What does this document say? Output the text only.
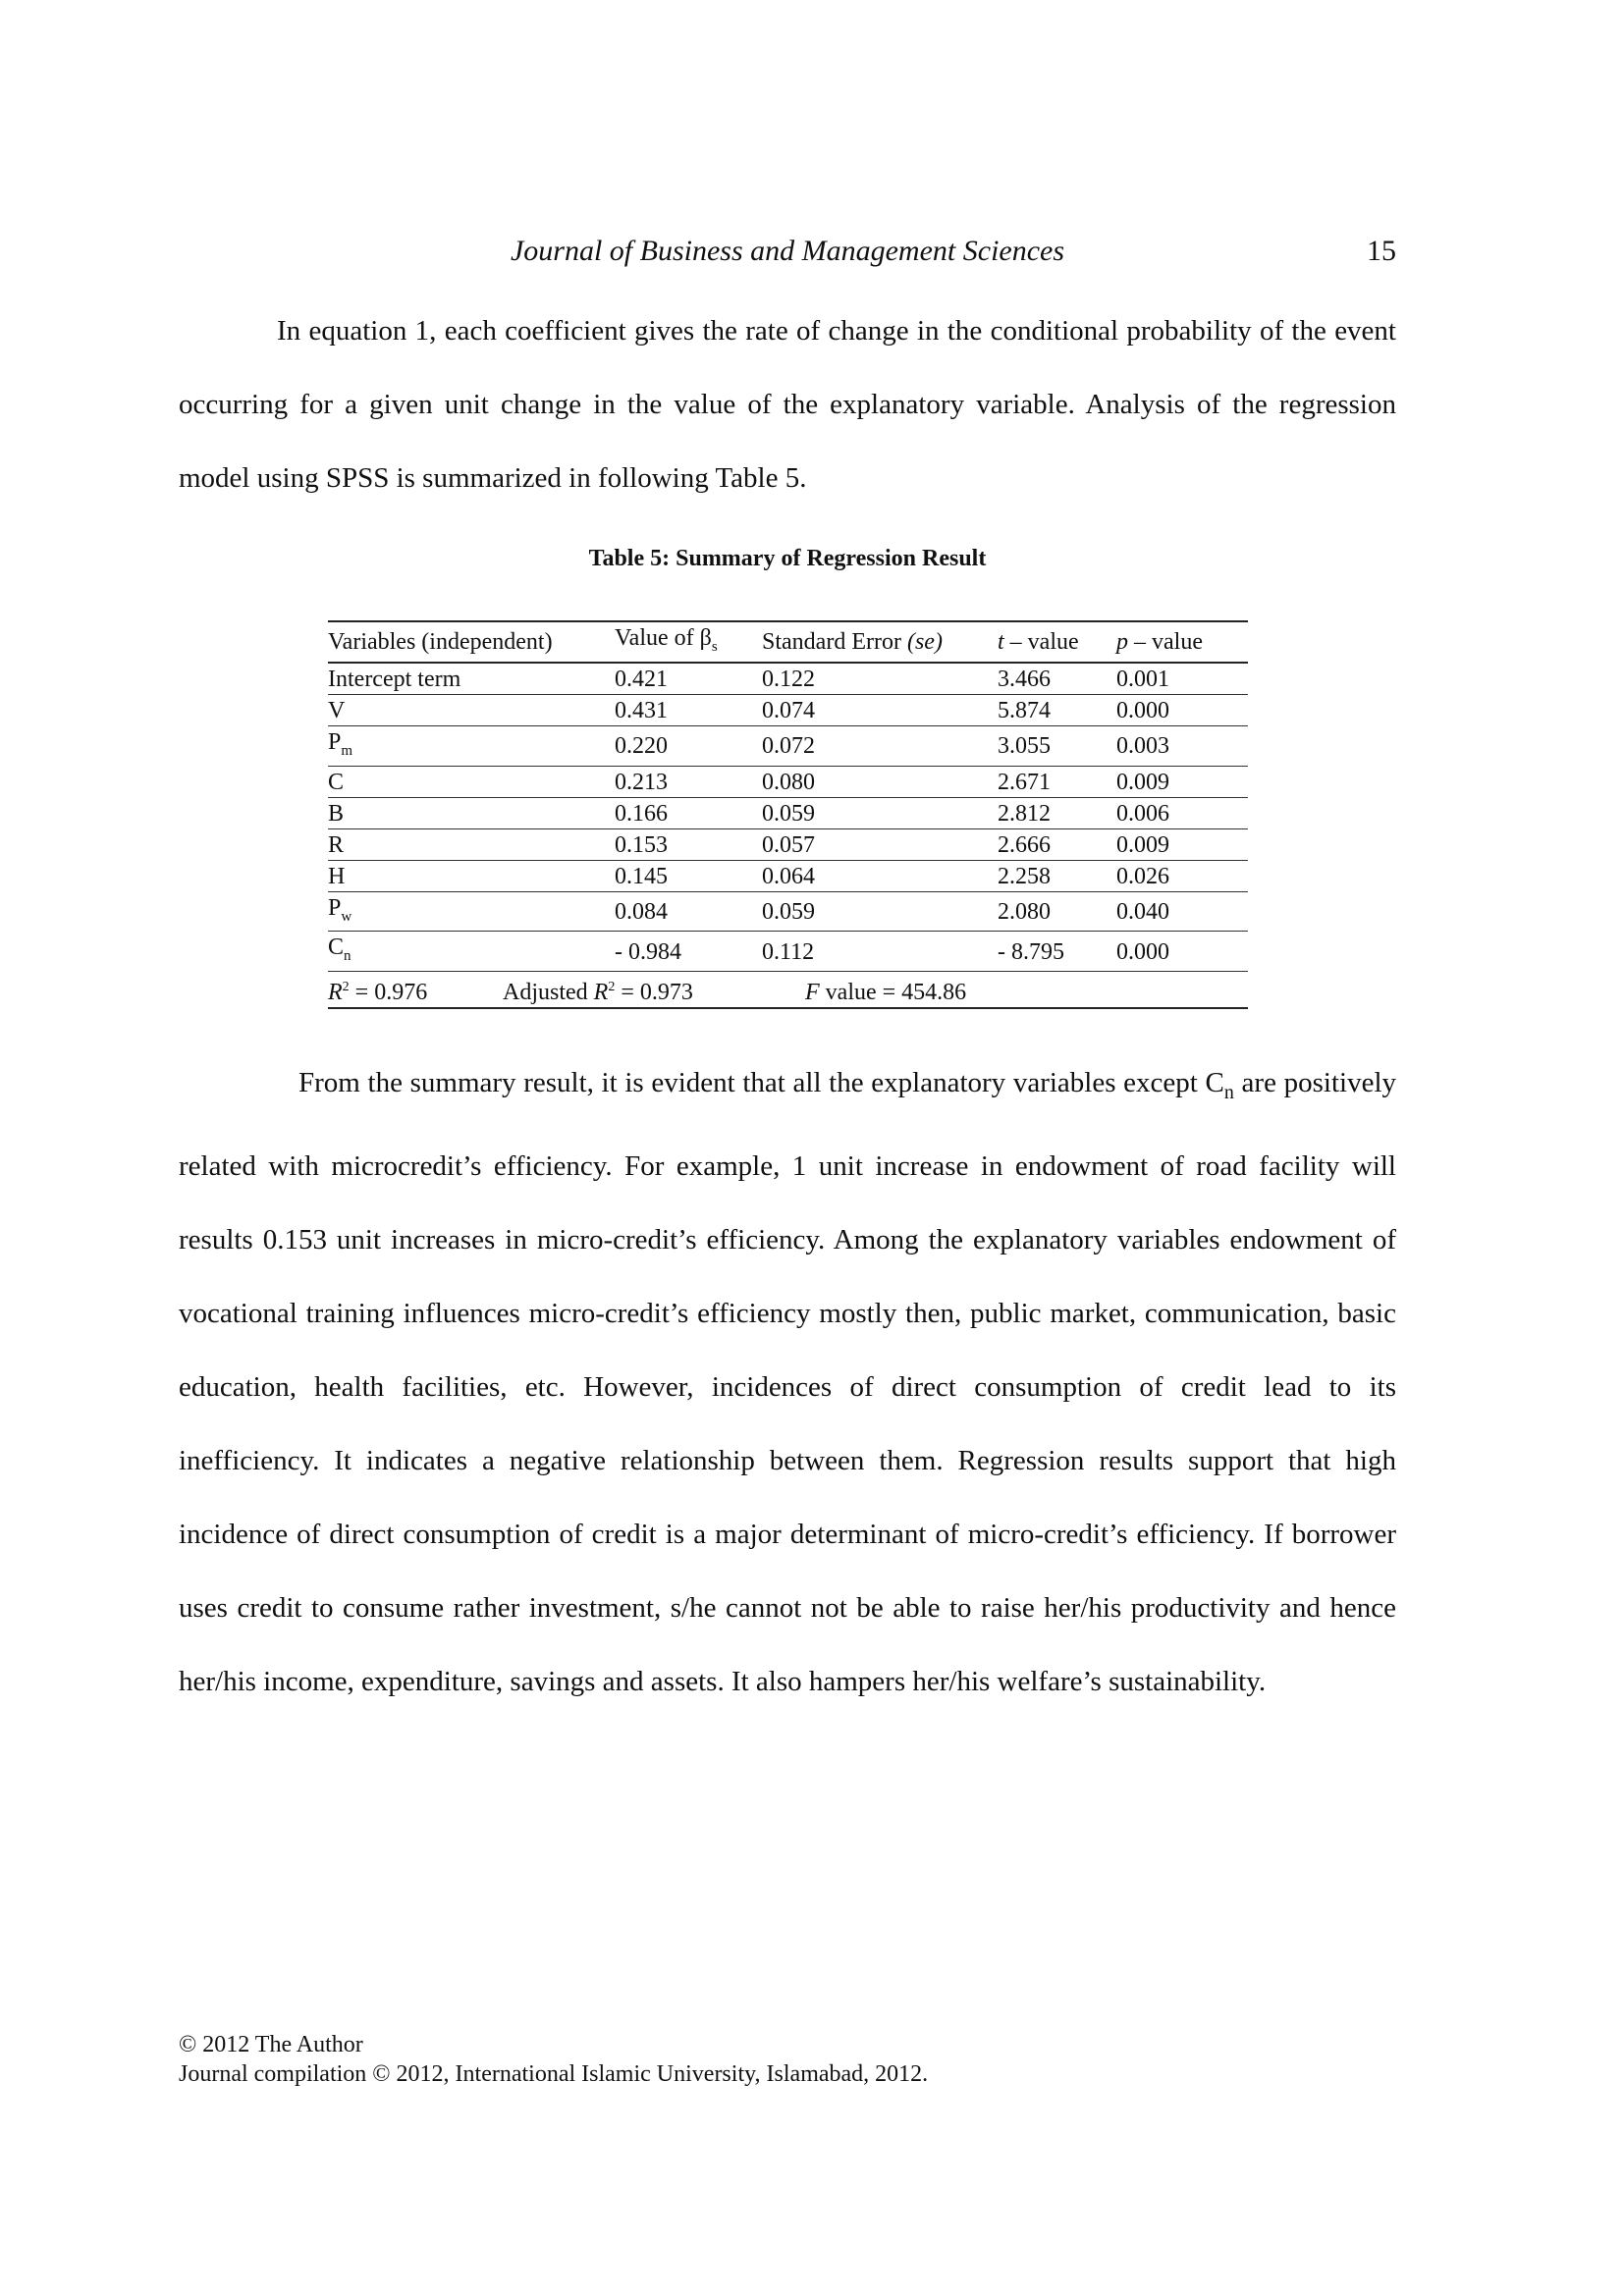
Journal of Business and Management Sciences	15

In equation 1, each coefficient gives the rate of change in the conditional probability of the event occurring for a given unit change in the value of the explanatory variable. Analysis of the regression model using SPSS is summarized in following Table 5.

Table 5: Summary of Regression Result
Variables (independent)	Value of $\beta_s$	Standard Error (se)	t – value	p – value
Intercept term	0.421	0.122	3.466	0.001
V	0.431	0.074	5.874	0.000
$P_m$	0.220	0.072	3.055	0.003
C	0.213	0.080	2.671	0.009
B	0.166	0.059	2.812	0.006
R	0.153	0.057	2.666	0.009
H	0.145	0.064	2.258	0.026
$P_w$	0.084	0.059	2.080	0.040
$C_n$	- 0.984	0.112	- 8.795	0.000
$R^2 = 0.976$ Adjusted $R^2 = 0.973$ F value = 454.86				

From the summary result, it is evident that all the explanatory variables except $C_n$ are positively related with microcredit’s efficiency. For example, 1 unit increase in endowment of road facility will results 0.153 unit increases in micro-credit’s efficiency. Among the explanatory variables endowment of vocational training influences micro-credit’s efficiency mostly then, public market, communication, basic education, health facilities, etc. However, incidences of direct consumption of credit lead to its inefficiency. It indicates a negative relationship between them. Regression results support that high incidence of direct consumption of credit is a major determinant of micro-credit’s efficiency. If borrower uses credit to consume rather investment, s/he cannot not be able to raise her/his productivity and hence her/his income, expenditure, savings and assets. It also hampers her/his welfare’s sustainability.

© 2012 The Author
Journal compilation © 2012, International Islamic University, Islamabad, 2012.
